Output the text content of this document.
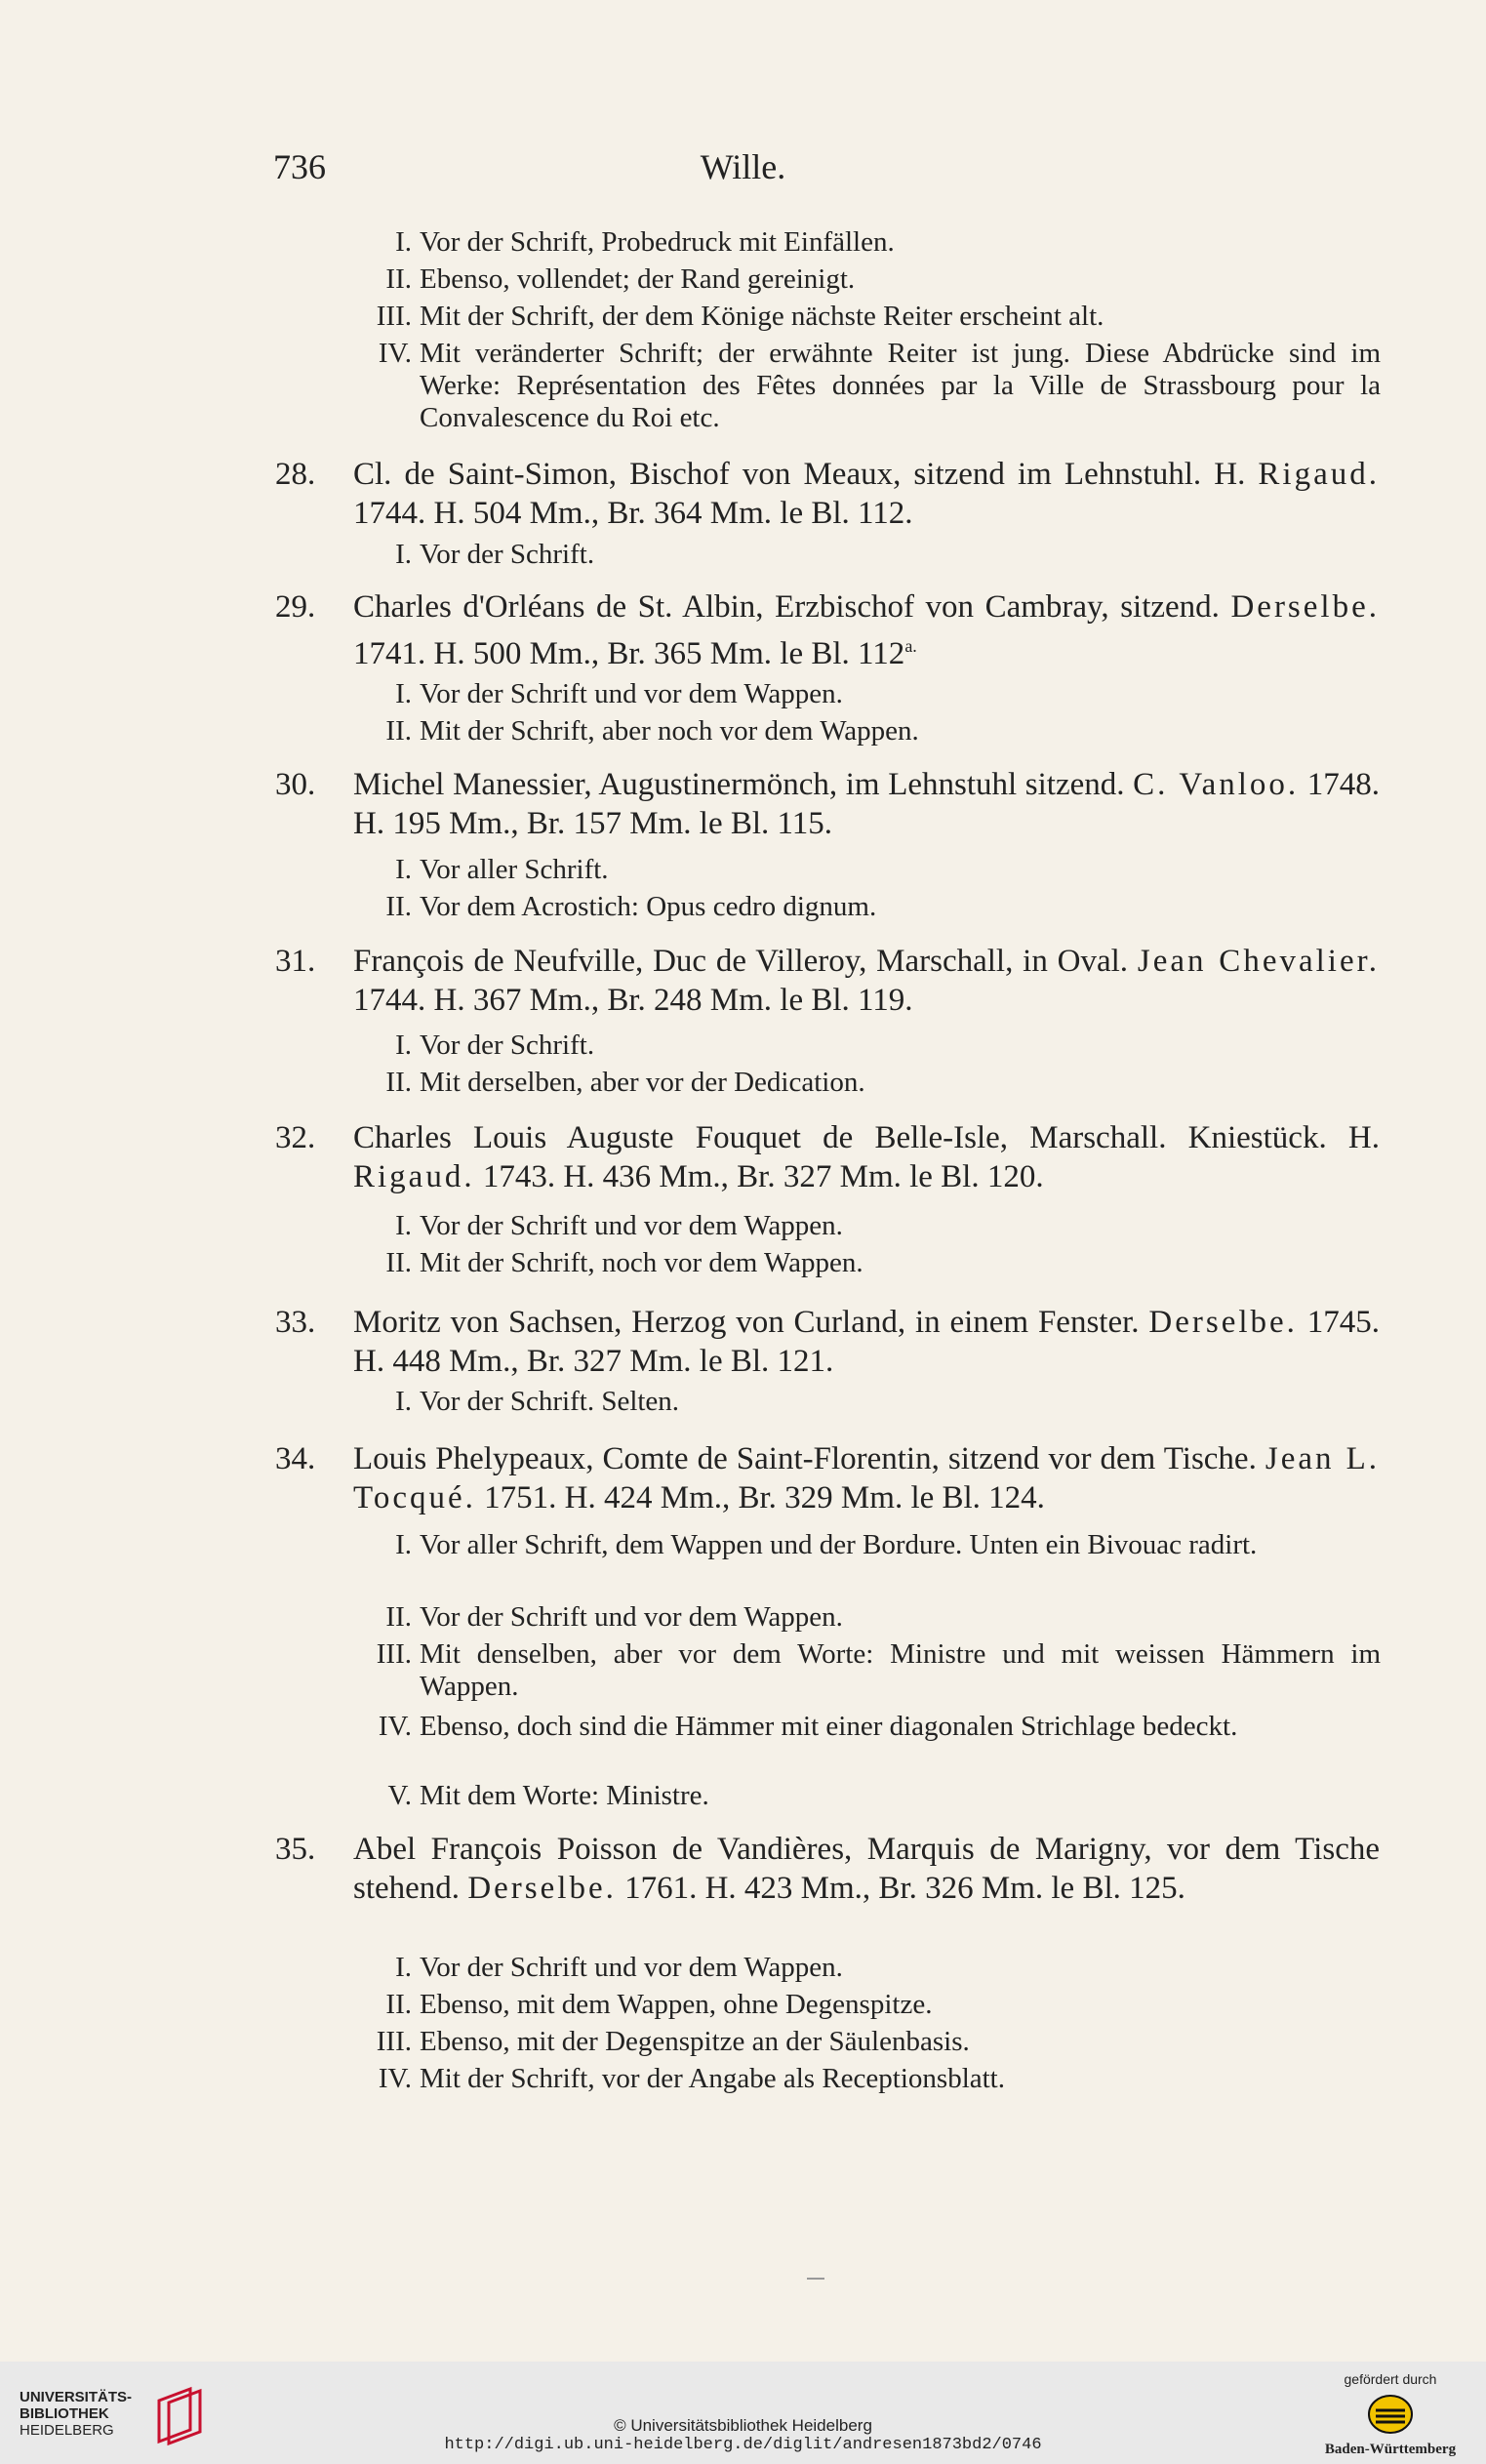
736	Wille.
I. Vor der Schrift, Probedruck mit Einfällen.
II. Ebenso, vollendet; der Rand gereinigt.
III. Mit der Schrift, der dem Könige nächste Reiter erscheint alt.
IV. Mit veränderter Schrift; der erwähnte Reiter ist jung. Diese Abdrücke sind im Werke: Représentation des Fêtes données par la Ville de Strassbourg pour la Convalescence du Roi etc.
28.	Cl. de Saint-Simon, Bischof von Meaux, sitzend im Lehnstuhl. H. Rigaud. 1744. H. 504 Mm., Br. 364 Mm. le Bl. 112.
I. Vor der Schrift.
29.	Charles d'Orléans de St. Albin, Erzbischof von Cambray, sitzend. Derselbe. 1741. H. 500 Mm., Br. 365 Mm. le Bl. $112^{a.}$
I. Vor der Schrift und vor dem Wappen.
II. Mit der Schrift, aber noch vor dem Wappen.
30.	Michel Manessier, Augustinermönch, im Lehnstuhl sitzend. C. Vanloo. 1748. H. 195 Mm., Br. 157 Mm. le Bl. 115.
I. Vor aller Schrift.
II. Vor dem Acrostich: Opus cedro dignum.
31.	François de Neufville, Duc de Villeroy, Marschall, in Oval. Jean Chevalier. 1744. H. 367 Mm., Br. 248 Mm. le Bl. 119.
I. Vor der Schrift.
II. Mit derselben, aber vor der Dedication.
32.	Charles Louis Auguste Fouquet de Belle-Isle, Marschall. Kniestück. H. Rigaud. 1743. H. 436 Mm., Br. 327 Mm. le Bl. 120.
I. Vor der Schrift und vor dem Wappen.
II. Mit der Schrift, noch vor dem Wappen.
33.	Moritz von Sachsen, Herzog von Curland, in einem Fenster. Derselbe. 1745. H. 448 Mm., Br. 327 Mm. le Bl. 121.
I. Vor der Schrift. Selten.
34.	Louis Phelypeaux, Comte de Saint-Florentin, sitzend vor dem Tische. Jean L. Tocqué. 1751. H. 424 Mm., Br. 329 Mm. le Bl. 124.
I. Vor aller Schrift, dem Wappen und der Bordure. Unten ein Bivouac radirt.
II. Vor der Schrift und vor dem Wappen.
III. Mit denselben, aber vor dem Worte: Ministre und mit weissen Hämmern im Wappen.
IV. Ebenso, doch sind die Hämmer mit einer diagonalen Strichlage bedeckt.
V. Mit dem Worte: Ministre.
35.	Abel François Poisson de Vandières, Marquis de Marigny, vor dem Tische stehend. Derselbe. 1761. H. 423 Mm., Br. 326 Mm. le Bl. 125.
I. Vor der Schrift und vor dem Wappen.
II. Ebenso, mit dem Wappen, ohne Degenspitze.
III. Ebenso, mit der Degenspitze an der Säulenbasis.
IV. Mit der Schrift, vor der Angabe als Receptionsblatt.
UNIVERSITÄTS-
BIBLIOTHEK
HEIDELBERG	© Universitätsbibliothek Heidelberg
http://digi.ub.uni-heidelberg.de/diglit/andresen1873bd2/0746
gefördert durch
Baden-Württemberg
